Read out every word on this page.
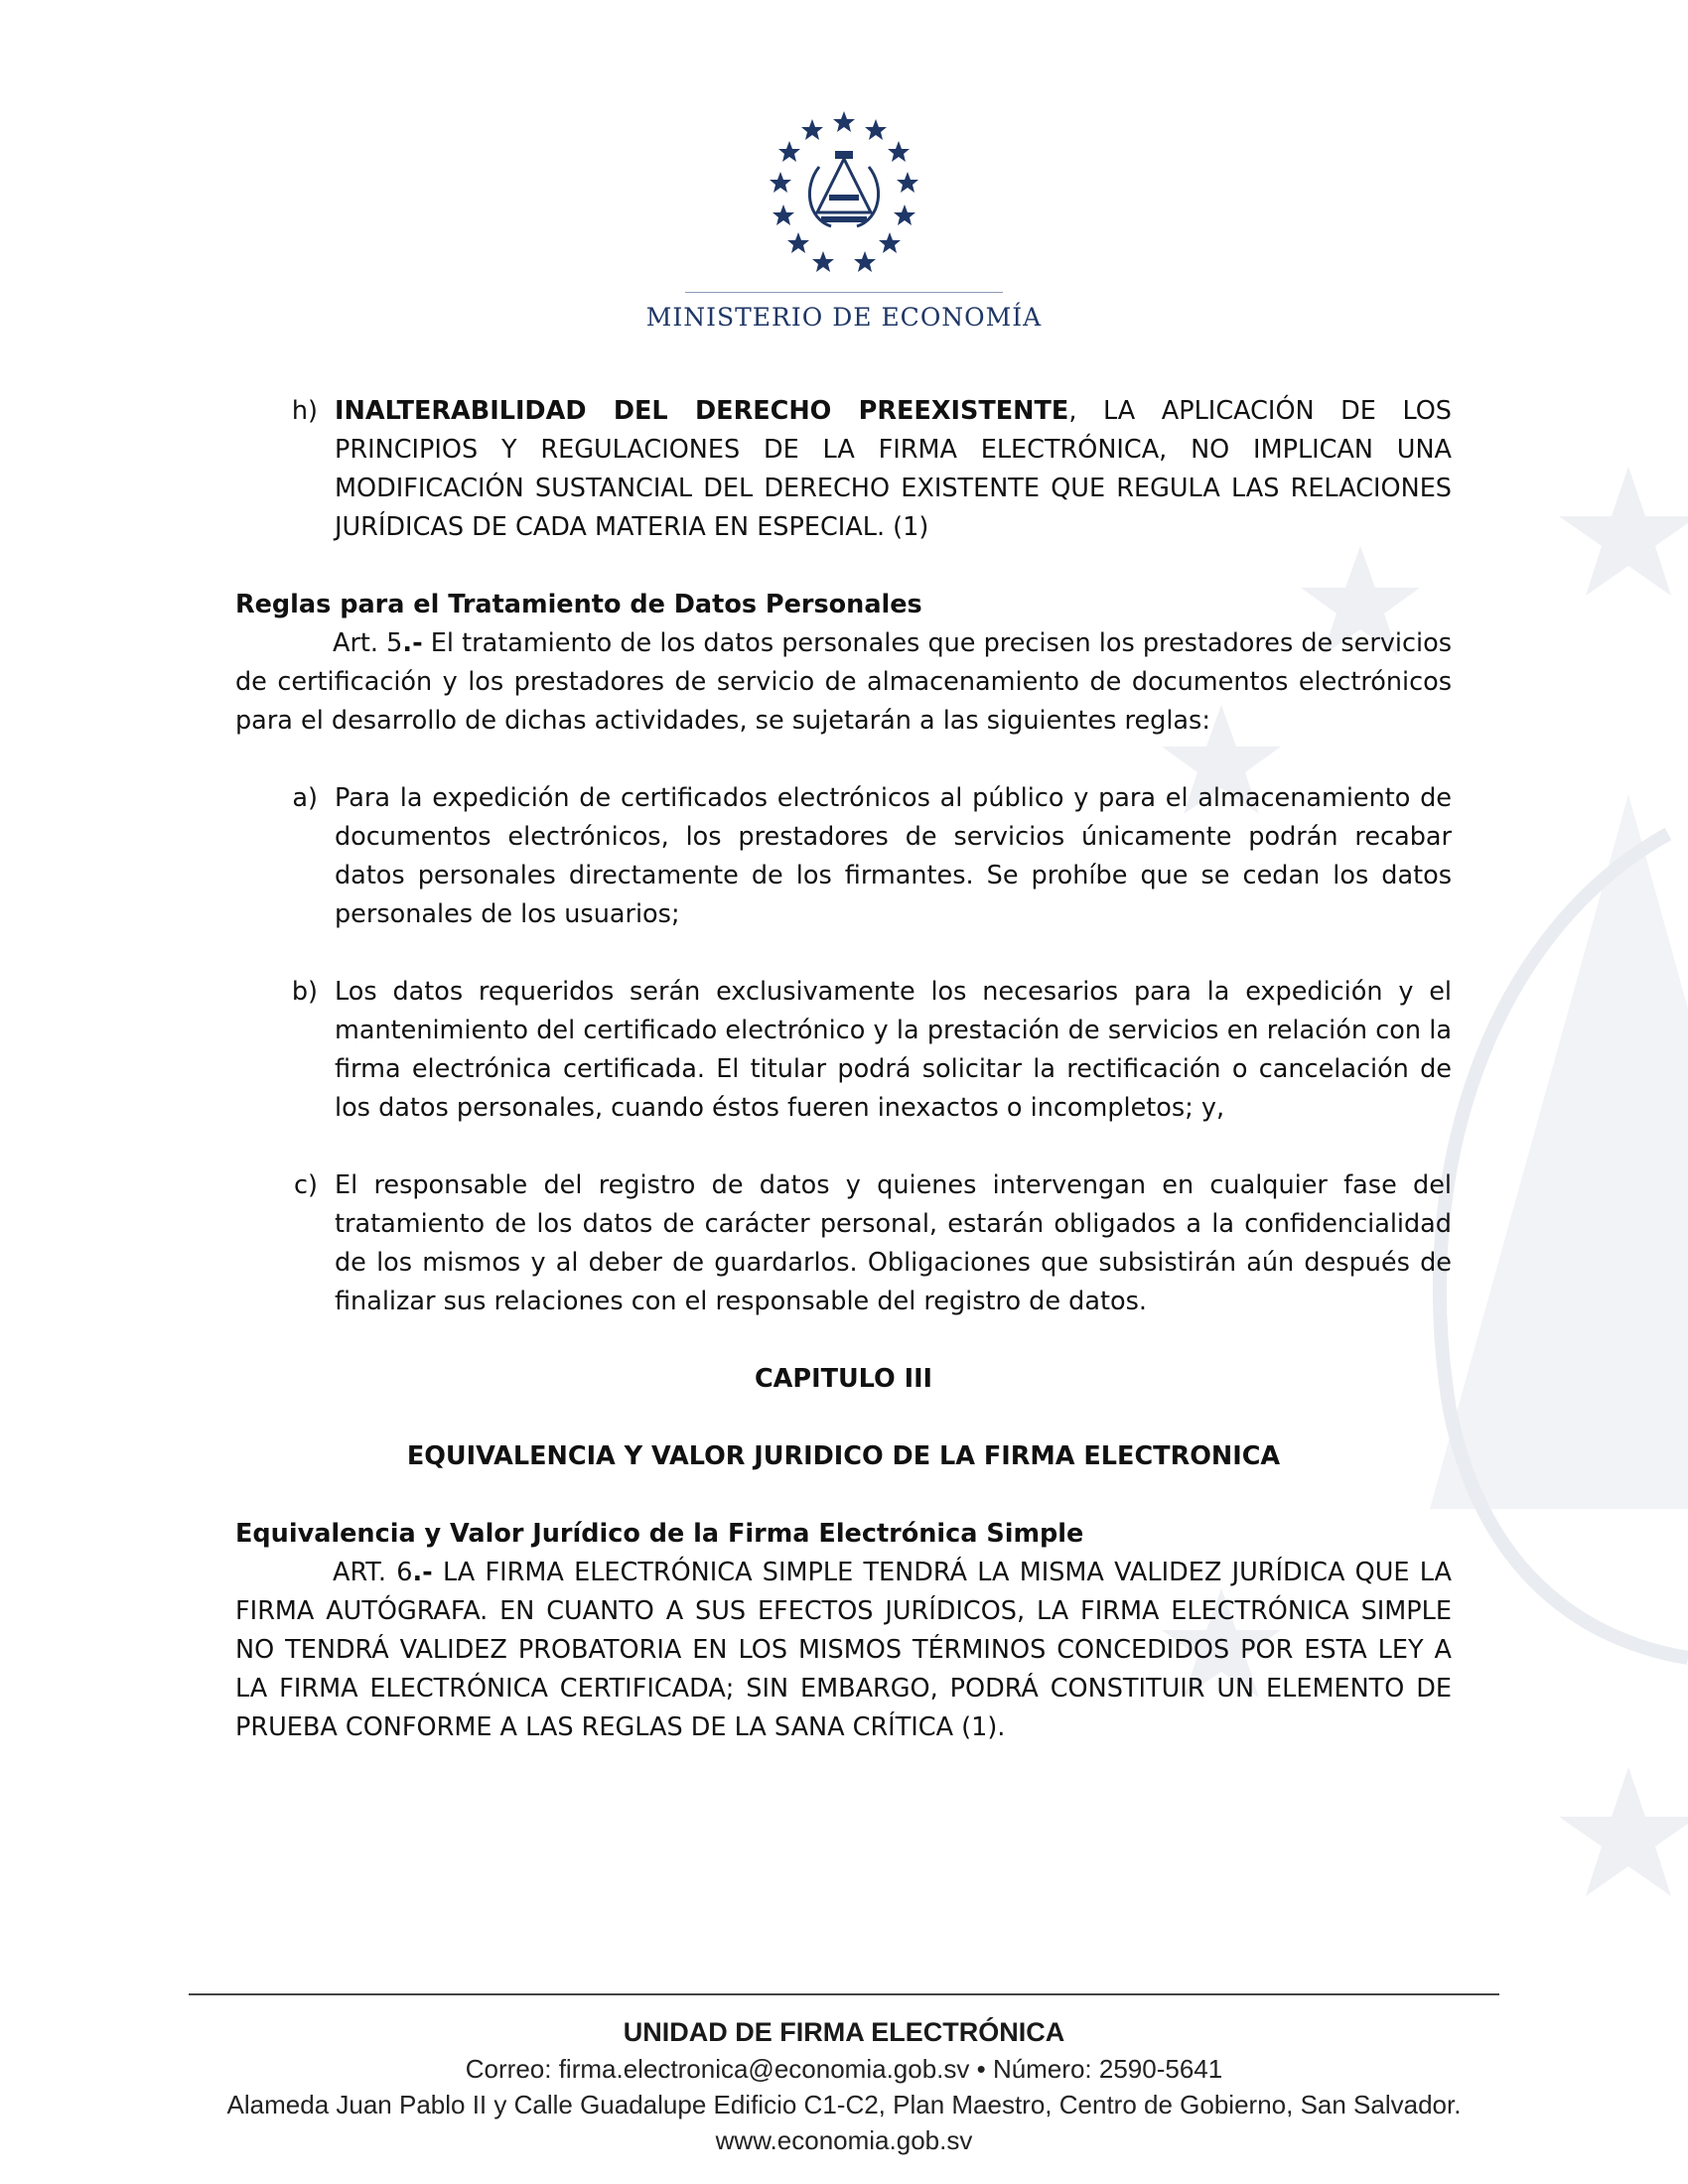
MINISTERIO DE ECONOMÍA
h) INALTERABILIDAD DEL DERECHO PREEXISTENTE, LA APLICACIÓN DE LOS PRINCIPIOS Y REGULACIONES DE LA FIRMA ELECTRÓNICA, NO IMPLICAN UNA MODIFICACIÓN SUSTANCIAL DEL DERECHO EXISTENTE QUE REGULA LAS RELACIONES JURÍDICAS DE CADA MATERIA EN ESPECIAL. (1)

Reglas para el Tratamiento de Datos Personales

Art. 5.- El tratamiento de los datos personales que precisen los prestadores de servicios de certificación y los prestadores de servicio de almacenamiento de documentos electrónicos para el desarrollo de dichas actividades, se sujetarán a las siguientes reglas:

a) Para la expedición de certificados electrónicos al público y para el almacenamiento de documentos electrónicos, los prestadores de servicios únicamente podrán recabar datos personales directamente de los firmantes. Se prohíbe que se cedan los datos personales de los usuarios;
b) Los datos requeridos serán exclusivamente los necesarios para la expedición y el mantenimiento del certificado electrónico y la prestación de servicios en relación con la firma electrónica certificada. El titular podrá solicitar la rectificación o cancelación de los datos personales, cuando éstos fueren inexactos o incompletos; y,
c) El responsable del registro de datos y quienes intervengan en cualquier fase del tratamiento de los datos de carácter personal, estarán obligados a la confidencialidad de los mismos y al deber de guardarlos. Obligaciones que subsistirán aún después de finalizar sus relaciones con el responsable del registro de datos.

CAPITULO III

EQUIVALENCIA Y VALOR JURIDICO DE LA FIRMA ELECTRONICA

Equivalencia y Valor Jurídico de la Firma Electrónica Simple

ART. 6.- LA FIRMA ELECTRÓNICA SIMPLE TENDRÁ LA MISMA VALIDEZ JURÍDICA QUE LA FIRMA AUTÓGRAFA. EN CUANTO A SUS EFECTOS JURÍDICOS, LA FIRMA ELECTRÓNICA SIMPLE NO TENDRÁ VALIDEZ PROBATORIA EN LOS MISMOS TÉRMINOS CONCEDIDOS POR ESTA LEY A LA FIRMA ELECTRÓNICA CERTIFICADA; SIN EMBARGO, PODRÁ CONSTITUIR UN ELEMENTO DE PRUEBA CONFORME A LAS REGLAS DE LA SANA CRÍTICA (1).

UNIDAD DE FIRMA ELECTRÓNICA
Correo: firma.electronica@economia.gob.sv • Número: 2590-5641
Alameda Juan Pablo II y Calle Guadalupe Edificio C1-C2, Plan Maestro, Centro de Gobierno, San Salvador.
www.economia.gob.sv
